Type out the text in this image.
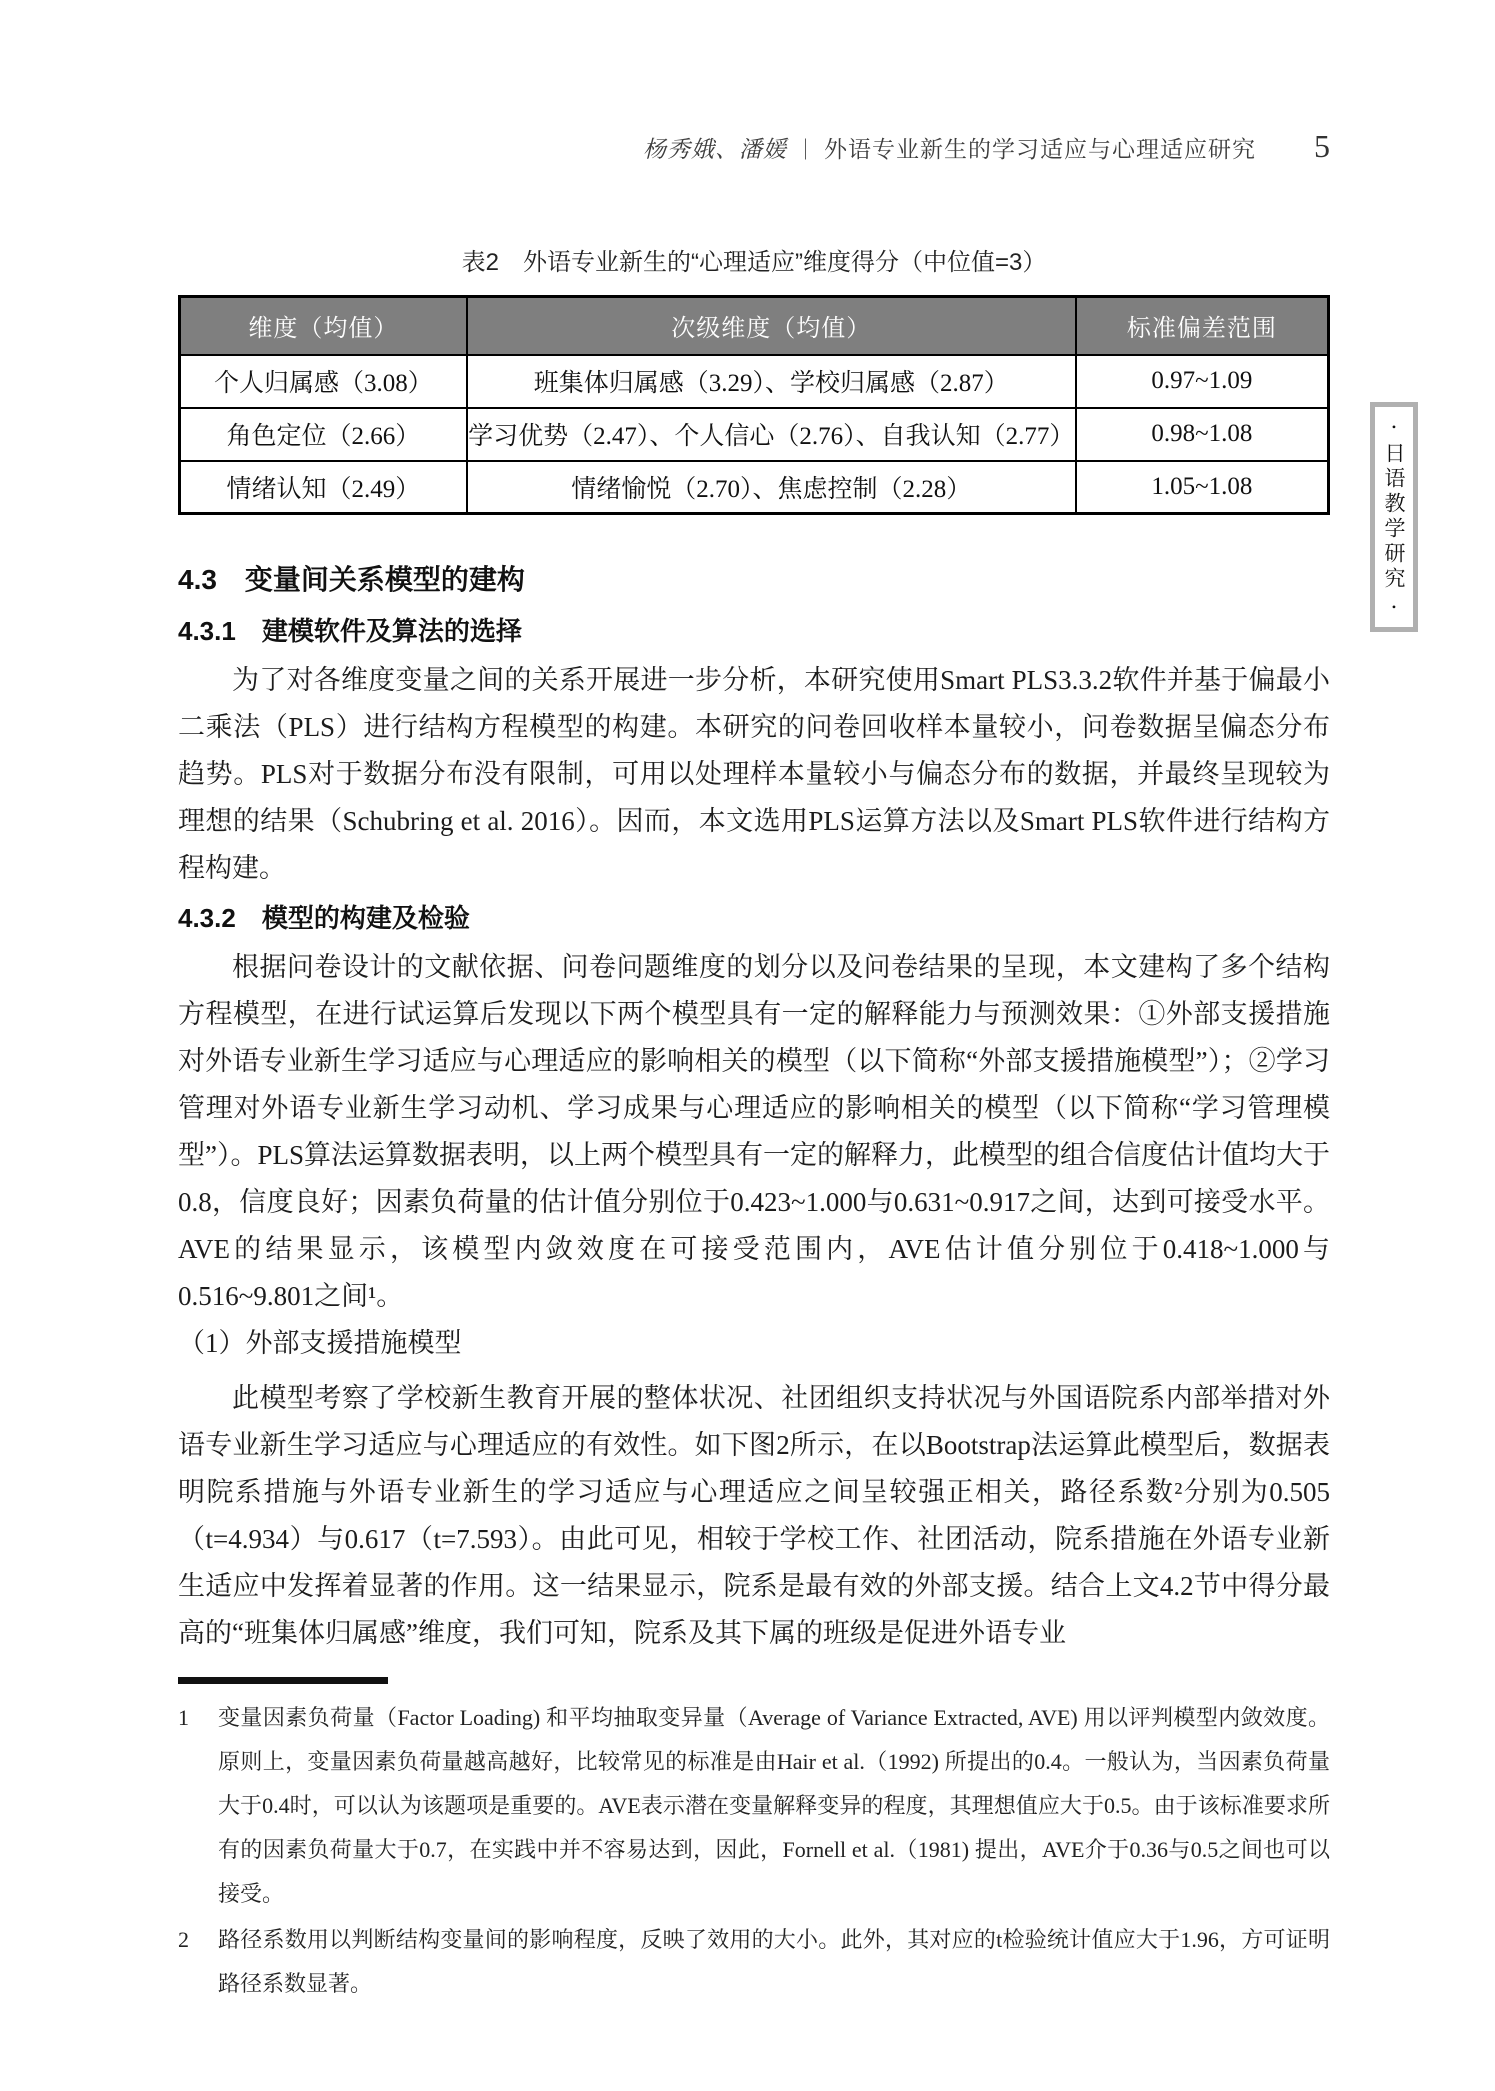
杨秀娥、潘媛 ｜ 外语专业新生的学习适应与心理适应研究 5
•
日语教学研究
•
表2　外语专业新生的“心理适应”维度得分（中位值=3）
维度（均值）	次级维度（均值）	标准偏差范围
个人归属感（3.08）	班集体归属感（3.29）、学校归属感（2.87）	0.97~1.09
角色定位（2.66）	学习优势（2.47）、个人信心（2.76）、自我认知（2.77）	0.98~1.08
情绪认知（2.49）	情绪愉悦（2.70）、焦虑控制（2.28）	1.05~1.08
4.3　变量间关系模型的建构
4.3.1　建模软件及算法的选择

为了对各维度变量之间的关系开展进一步分析，本研究使用Smart PLS3.3.2软件并基于偏最小二乘法（PLS）进行结构方程模型的构建。本研究的问卷回收样本量较小，问卷数据呈偏态分布趋势。PLS对于数据分布没有限制，可用以处理样本量较小与偏态分布的数据，并最终呈现较为理想的结果（Schubring et al. 2016）。因而，本文选用PLS运算方法以及Smart PLS软件进行结构方程构建。

4.3.2　模型的构建及检验

根据问卷设计的文献依据、问卷问题维度的划分以及问卷结果的呈现，本文建构了多个结构方程模型，在进行试运算后发现以下两个模型具有一定的解释能力与预测效果：①外部支援措施对外语专业新生学习适应与心理适应的影响相关的模型（以下简称“外部支援措施模型”）；②学习管理对外语专业新生学习动机、学习成果与心理适应的影响相关的模型（以下简称“学习管理模型”）。PLS算法运算数据表明，以上两个模型具有一定的解释力，此模型的组合信度估计值均大于0.8，信度良好；因素负荷量的估计值分别位于0.423~1.000与0.631~0.917之间，达到可接受水平。AVE的结果显示，该模型内敛效度在可接受范围内，AVE估计值分别位于0.418~1.000与0.516~9.801之间¹。

（1）外部支援措施模型

此模型考察了学校新生教育开展的整体状况、社团组织支持状况与外国语院系内部举措对外语专业新生学习适应与心理适应的有效性。如下图2所示，在以Bootstrap法运算此模型后，数据表明院系措施与外语专业新生的学习适应与心理适应之间呈较强正相关，路径系数²分别为0.505（t=4.934）与0.617（t=7.593）。由此可见，相较于学校工作、社团活动，院系措施在外语专业新生适应中发挥着显著的作用。这一结果显示，院系是最有效的外部支援。结合上文4.2节中得分最高的“班集体归属感”维度，我们可知，院系及其下属的班级是促进外语专业

1	变量因素负荷量（Factor Loading) 和平均抽取变异量（Average of Variance Extracted, AVE) 用以评判模型内敛效度。原则上，变量因素负荷量越高越好，比较常见的标准是由Hair et al.（1992) 所提出的0.4。一般认为，当因素负荷量大于0.4时，可以认为该题项是重要的。AVE表示潜在变量解释变异的程度，其理想值应大于0.5。由于该标准要求所有的因素负荷量大于0.7，在实践中并不容易达到，因此，Fornell et al.（1981) 提出，AVE介于0.36与0.5之间也可以接受。
2	路径系数用以判断结构变量间的影响程度，反映了效用的大小。此外，其对应的t检验统计值应大于1.96，方可证明路径系数显著。
